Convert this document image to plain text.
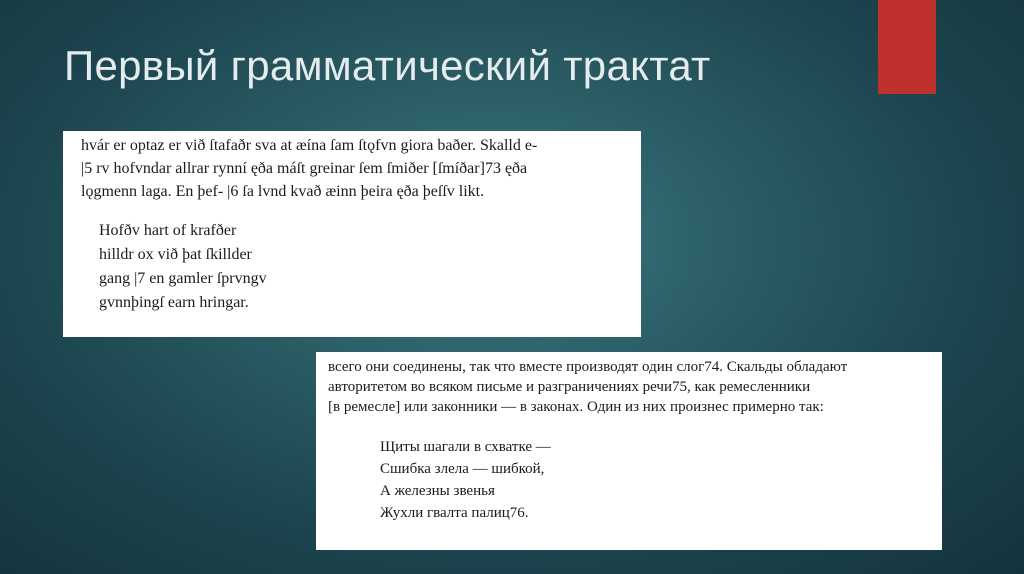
Первый грамматический трактат
hvár er optaz er við ſtafaðr sva at æína ſam ſtǫfvn giora baðer. Skalld e-
|5 rv hofvndar allrar rynní ęða máſt greinar ſem ſmiðer [ſmíðar]73 ęða
lǫgmenn laga. En þef- |6 ſa lvnd kvað æinn þeira ęða þeſſv likt.
Hofðv hart of krafðer
hilldr ox við þat ſkillder
gang |7 en gamler ſprvngv
gvnnþingſ earn hringar.
всего они соединены, так что вместе производят один слог74. Скальды обладают
авторитетом во всяком письме и разграничениях речи75, как ремесленники
[в ремесле] или законники — в законах. Один из них произнес примерно так:
Щиты шагали в схватке —
Сшибка злела — шибкой,
А железны звенья
Жухли гвалта палиц76.
